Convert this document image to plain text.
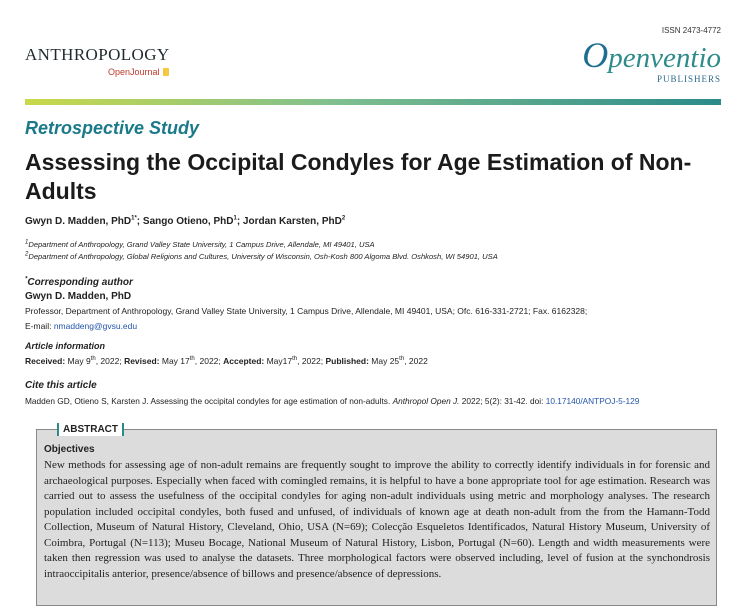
ISSN 2473-4772
ANTHROPOLOGY
OpenJournal	Openventio
PUBLISHERS
Retrospective Study
Assessing the Occipital Condyles for Age Estimation of Non-Adults
Gwyn D. Madden, PhD$^{1*}$; Sango Otieno, PhD$^1$; Jordan Karsten, PhD$^2$
$^1$Department of Anthropology, Grand Valley State University, 1 Campus Drive, Allendale, MI 49401, USA
$^2$Department of Anthropology, Global Religions and Cultures, University of Wisconsin, Osh-Kosh 800 Algoma Blvd. Oshkosh, WI 54901, USA
*Corresponding author
Gwyn D. Madden, PhD
Professor, Department of Anthropology, Grand Valley State University, 1 Campus Drive, Allendale, MI 49401, USA; Ofc. 616-331-2721; Fax. 6162328;
E-mail: nmaddeng@gvsu.edu
Article information
Received: May 9th, 2022; Revised: May 17th, 2022; Accepted: May17th, 2022; Published: May 25th, 2022
Cite this article
Madden GD, Otieno S, Karsten J. Assessing the occipital condyles for age estimation of non-adults. Anthropol Open J. 2022; 5(2): 31-42. doi: 10.17140/ANTPOJ-5-129
ABSTRACT
Objectives
New methods for assessing age of non-adult remains are frequently sought to improve the ability to correctly identify individuals in for forensic and archaeological purposes. Especially when faced with comingled remains, it is helpful to have a bone appropriate tool for age estimation. Research was carried out to assess the usefulness of the occipital condyles for aging non-adult individuals using metric and morphology analyses. The research population included occipital condyles, both fused and unfused, of individuals of known age at death non-adult from the from the Hamann-Todd Collection, Museum of Natural History, Cleveland, Ohio, USA (N=69); Colecção Esqueletos Identificados, Natural History Museum, University of Coimbra, Portugal (N=113); Museu Bocage, National Museum of Natural History, Lisbon, Portugal (N=60). Length and width measurements were taken then regression was used to analyse the datasets. Three morphological factors were observed including, level of fusion at the synchondrosis intraoccipitalis anterior, presence/absence of billows and presence/absence of depressions.
